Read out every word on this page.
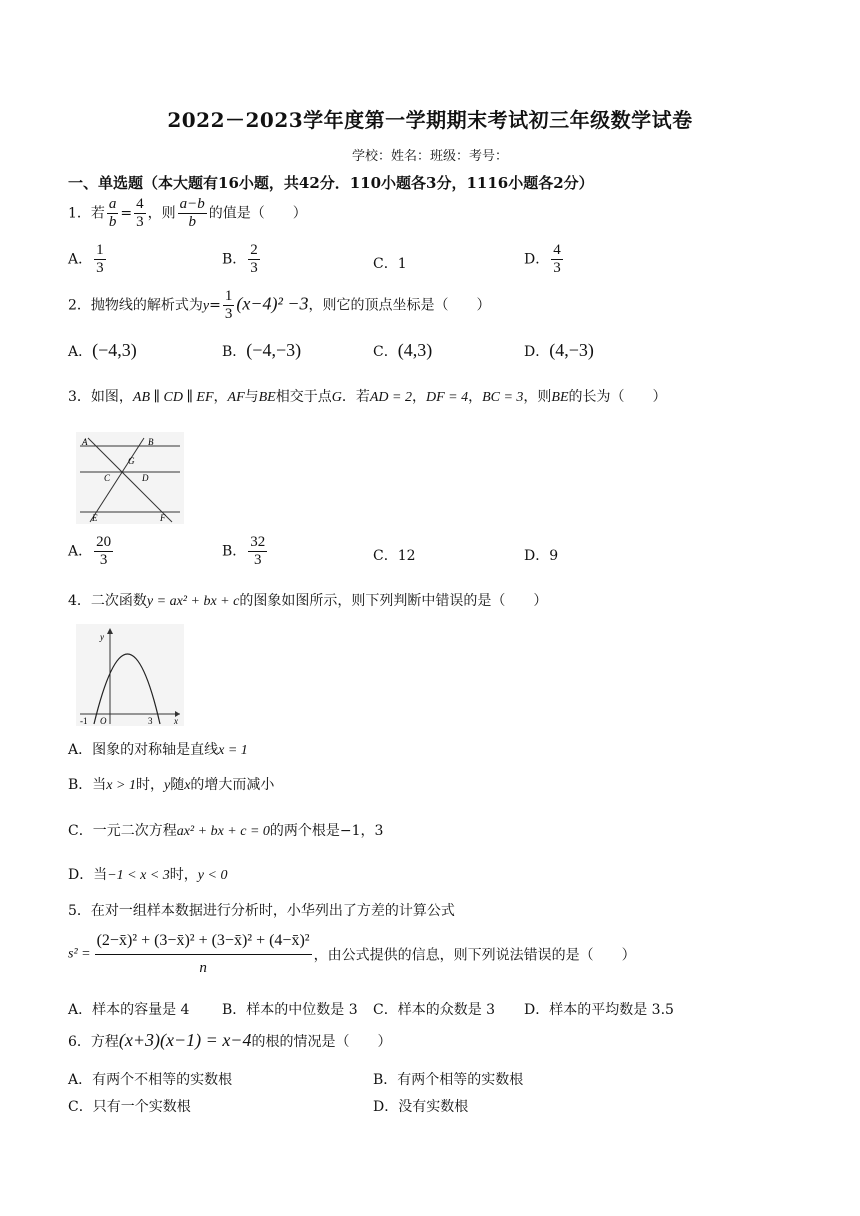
2022－2023学年度第一学期期末考试初三年级数学试卷
学校：姓名：班级：考号：
一、单选题（本大题有16小题，共42分．110小题各3分，1116小题各2分）
1．若 $\frac{a}{b} = \frac{4}{3}$ ，则 $\frac{a-b}{b}$ 的值是（　　）
A． $\frac{1}{3}$	B． $\frac{2}{3}$	C．1	D． $\frac{4}{3}$
2．抛物线的解析式为$y= \frac{1}{3} (x-4)^2 -3$，则它的顶点坐标是（　　）
A．(−4,3)	B．(−4,−3)	C．(4,3)	D．(4,−3)
3．如图，AB ∥ CD ∥ EF，AF与BE相交于点G．若AD = 2，DF = 4，BC = 3，则BE的长为（　　）
A	B
G
C	D
E	F
A． $\frac{20}{3}$	B． $\frac{32}{3}$	C．12	D．9
4．二次函数y = ax² + bx + c的图象如图所示，则下列判断中错误的是（　　）
y
x
-1 O	3
A．图象的对称轴是直线x = 1
B．当x > 1时，y随x的增大而减小
C．一元二次方程ax² + bx + c = 0的两个根是−1，3
D．当−1 < x < 3时，y < 0
5．在对一组样本数据进行分析时，小华列出了方差的计算公式
$s^2 = \frac{\text{(2−x̄)² + (3−x̄)² + (3−x̄)² + (4−x̄)²}}{n}$ ，由公式提供的信息，则下列说法错误的是（　　）
A．样本的容量是 4 B．样本的中位数是 3 C．样本的众数是 3 D．样本的平均数是 3.5
6．方程(x+3)(x−1) = x−4的根的情况是（　　）
A．有两个不相等的实数根	B．有两个相等的实数根
C．只有一个实数根	D．没有实数根
